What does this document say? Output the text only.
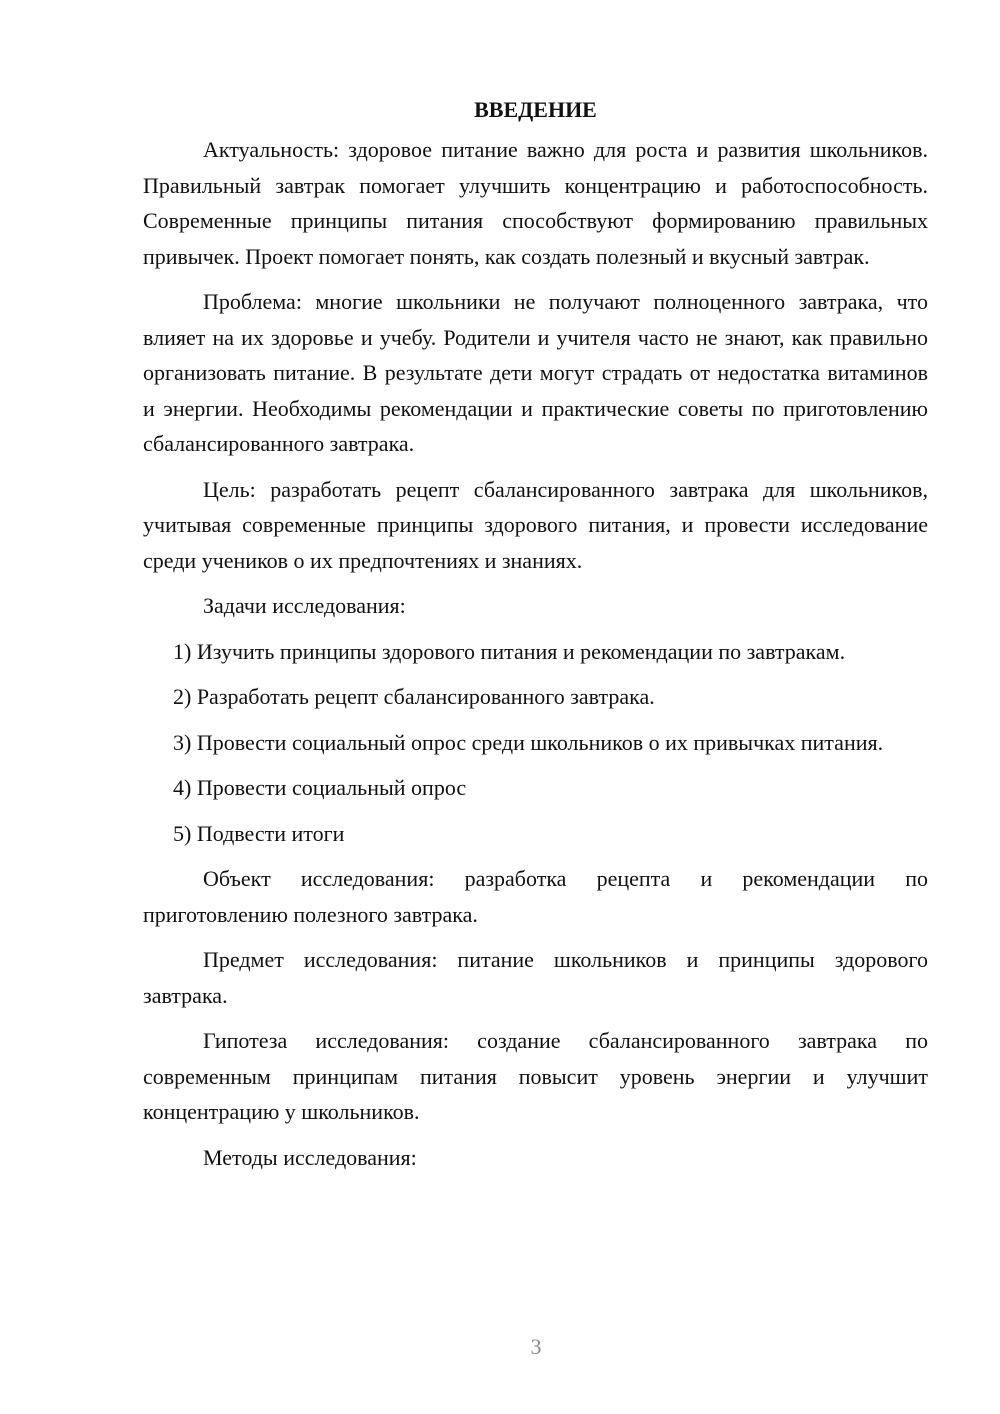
ВВЕДЕНИЕ

Актуальность: здоровое питание важно для роста и развития школьников. Правильный завтрак помогает улучшить концентрацию и работоспособность. Современные принципы питания способствуют формированию правильных привычек. Проект помогает понять, как создать полезный и вкусный завтрак.

Проблема: многие школьники не получают полноценного завтрака, что влияет на их здоровье и учебу. Родители и учителя часто не знают, как правильно организовать питание. В результате дети могут страдать от недостатка витаминов и энергии. Необходимы рекомендации и практические советы по приготовлению сбалансированного завтрака.

Цель: разработать рецепт сбалансированного завтрака для школьников, учитывая современные принципы здорового питания, и провести исследование среди учеников о их предпочтениях и знаниях.

Задачи исследования:

1) Изучить принципы здорового питания и рекомендации по завтракам.

2) Разработать рецепт сбалансированного завтрака.

3) Провести социальный опрос среди школьников о их привычках питания.

4) Провести социальный опрос

5) Подвести итоги

Объект исследования: разработка рецепта и рекомендации по приготовлению полезного завтрака.

Предмет исследования: питание школьников и принципы здорового завтрака.

Гипотеза исследования: создание сбалансированного завтрака по современным принципам питания повысит уровень энергии и улучшит концентрацию у школьников.

Методы исследования:

3
